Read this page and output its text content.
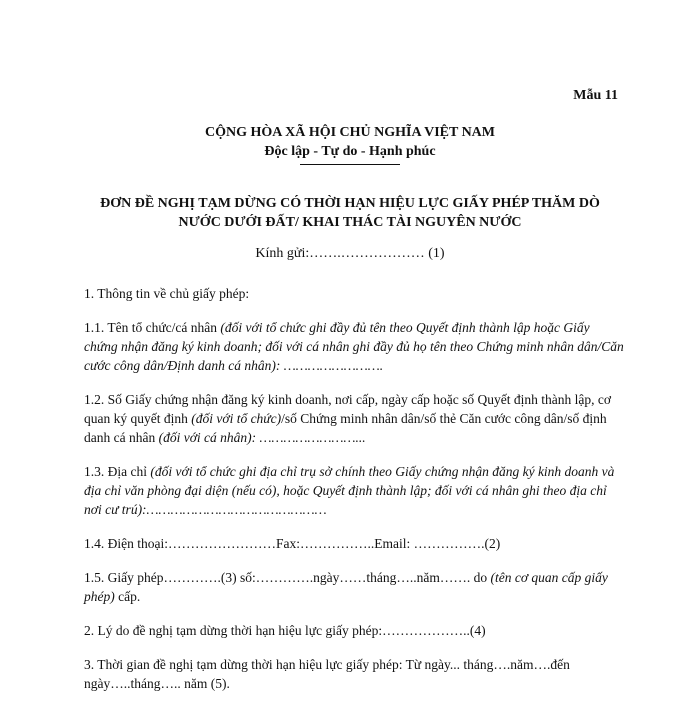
Mẫu 11
CỘNG HÒA XÃ HỘI CHỦ NGHĨA VIỆT NAM
Độc lập - Tự do - Hạnh phúc
ĐƠN ĐỀ NGHỊ TẠM DỪNG CÓ THỜI HẠN HIỆU LỰC GIẤY PHÉP THĂM DÒ
NƯỚC DƯỚI ĐẤT/ KHAI THÁC TÀI NGUYÊN NƯỚC
Kính gửi:…….……………… (1)

1. Thông tin về chủ giấy phép:

1.1. Tên tổ chức/cá nhân (đối với tổ chức ghi đầy đủ tên theo Quyết định thành lập hoặc Giấy chứng nhận đăng ký kinh doanh; đối với cá nhân ghi đầy đủ họ tên theo Chứng minh nhân dân/Căn cước công dân/Định danh cá nhân): …………………….

1.2. Số Giấy chứng nhận đăng ký kinh doanh, nơi cấp, ngày cấp hoặc số Quyết định thành lập, cơ quan ký quyết định (đối với tổ chức)/số Chứng minh nhân dân/số thẻ Căn cước công dân/số định danh cá nhân (đối với cá nhân): ……………………...

1.3. Địa chỉ (đối với tổ chức ghi địa chỉ trụ sở chính theo Giấy chứng nhận đăng ký kinh doanh và địa chỉ văn phòng đại diện (nếu có), hoặc Quyết định thành lập; đối với cá nhân ghi theo địa chỉ nơi cư trú):………………………………………

1.4. Điện thoại:……………………Fax:……………..Email: …………….(2)

1.5. Giấy phép………….(3) số:………….ngày……tháng…..năm……. do (tên cơ quan cấp giấy phép) cấp.

2. Lý do đề nghị tạm dừng thời hạn hiệu lực giấy phép:………………..(4)

3. Thời gian đề nghị tạm dừng thời hạn hiệu lực giấy phép: Từ ngày... tháng….năm….đến ngày…..tháng….. năm (5).
